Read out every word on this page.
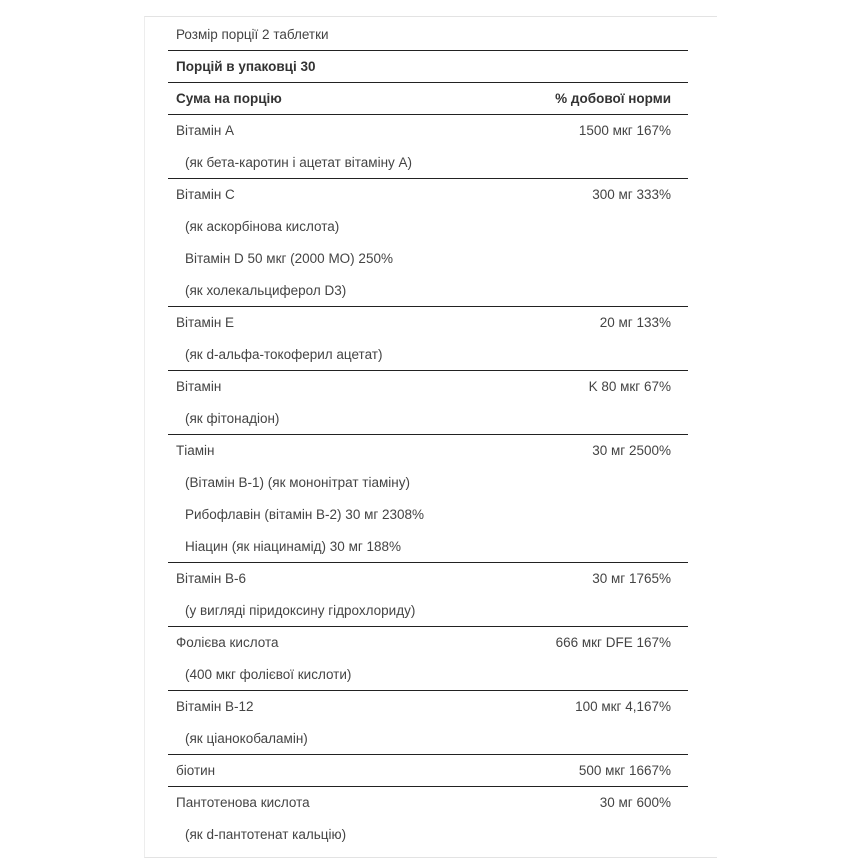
Розмір порції 2 таблетки
Порцій в упаковці 30
Сума на порцію	% добової норми
Вітамін A	1500 мкг 167%
(як бета-каротин і ацетат вітаміну А)
Вітамін C	300 мг 333%
(як аскорбінова кислота)
Вітамін D 50 мкг (2000 МО) 250%
(як холекальциферол D3)
Вітамін E	20 мг 133%
(як d-альфа-токоферил ацетат)
Вітамін	K 80 мкг 67%
(як фітонадіон)
Тіамін	30 мг 2500%
(Вітамін B-1) (як мононітрат тіаміну)
Рибофлавін (вітамін B-2) 30 мг 2308%
Ніацин (як ніацинамід) 30 мг 188%
Вітамін B-6	30 мг 1765%
(у вигляді піридоксину гідрохлориду)
Фолієва кислота	666 мкг DFE 167%
(400 мкг фолієвої кислоти)
Вітамін B-12	100 мкг 4,167%
(як ціанокобаламін)
біотин	500 мкг 1667%
Пантотенова кислота	30 мг 600%
(як d-пантотенат кальцію)
